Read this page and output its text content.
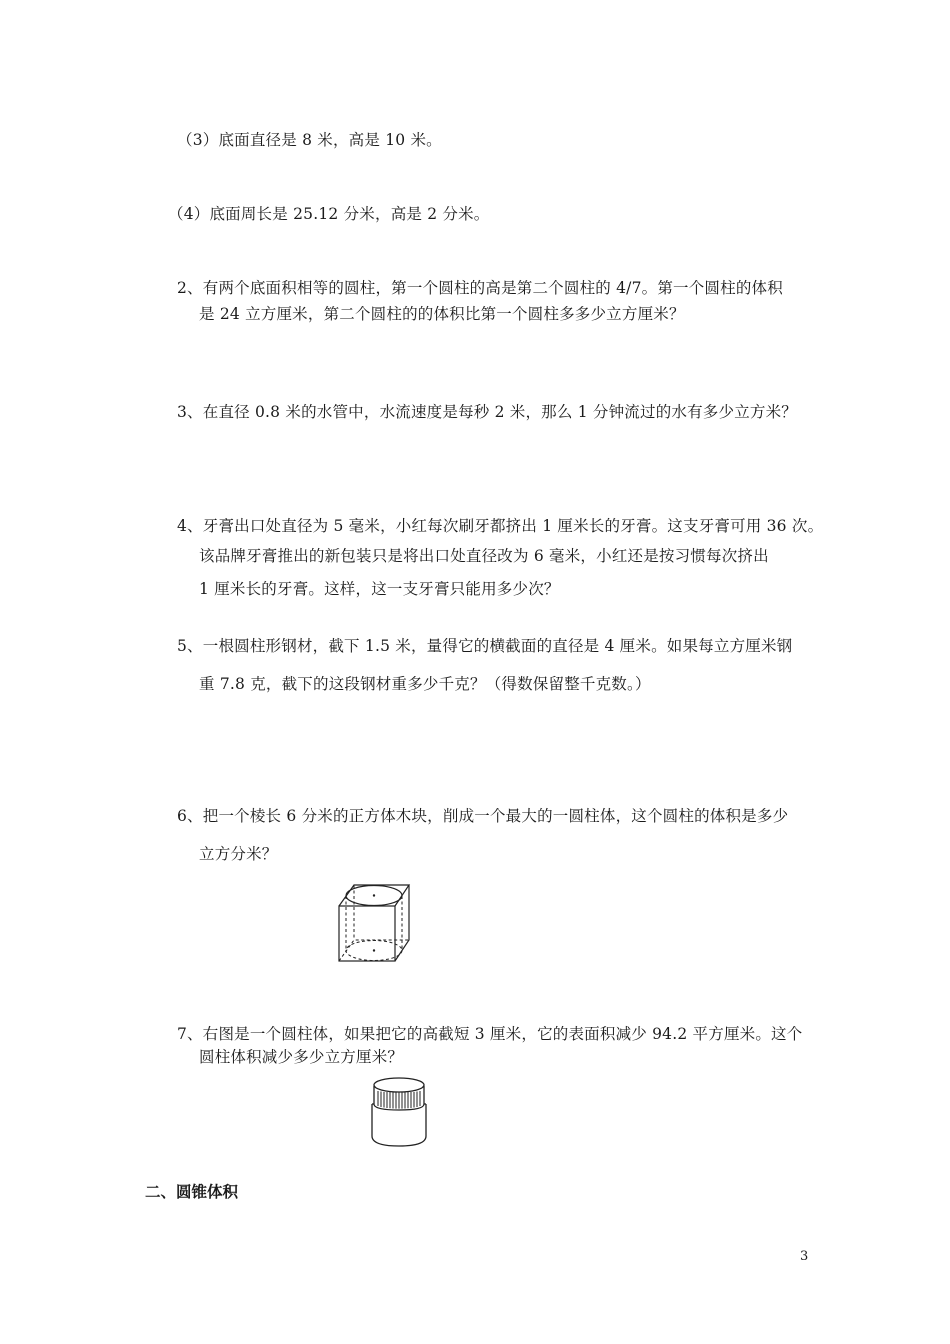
（3）底面直径是 8 米，高是 10 米。
（4）底面周长是 25.12 分米，高是 2 分米。
2、有两个底面积相等的圆柱，第一个圆柱的高是第二个圆柱的 4/7。第一个圆柱的体积
是 24 立方厘米，第二个圆柱的的体积比第一个圆柱多多少立方厘米？
3、在直径 0.8 米的水管中，水流速度是每秒 2 米，那么 1 分钟流过的水有多少立方米？
4、牙膏出口处直径为 5 毫米，小红每次刷牙都挤出 1 厘米长的牙膏。这支牙膏可用 36 次。
该品牌牙膏推出的新包装只是将出口处直径改为 6 毫米，小红还是按习惯每次挤出
1 厘米长的牙膏。这样，这一支牙膏只能用多少次？
5、一根圆柱形钢材，截下 1.5 米，量得它的横截面的直径是 4 厘米。如果每立方厘米钢
重 7.8 克，截下的这段钢材重多少千克？（得数保留整千克数。）
6、把一个棱长 6 分米的正方体木块，削成一个最大的一圆柱体，这个圆柱的体积是多少
立方分米？
7、右图是一个圆柱体，如果把它的高截短 3 厘米，它的表面积减少 94.2 平方厘米。这个
圆柱体积减少多少立方厘米？
二、圆锥体积
3
